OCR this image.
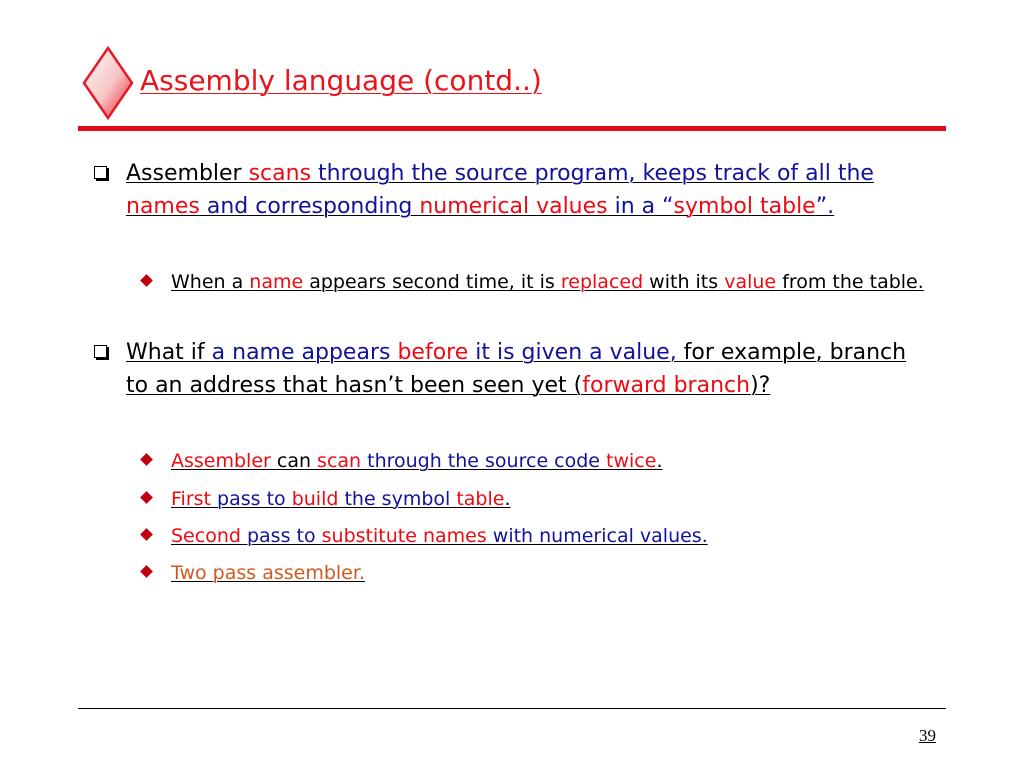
Assembly language (contd..)
Assembler scans through the source program, keeps track of all the names and corresponding numerical values in a “symbol table”.
When a name appears second time, it is replaced with its value from the table.
What if a name appears before it is given a value, for example, branch to an address that hasn’t been seen yet (forward branch)?
Assembler can scan through the source code twice.
First pass to build the symbol table.
Second pass to substitute names with numerical values.
Two pass assembler.
39
